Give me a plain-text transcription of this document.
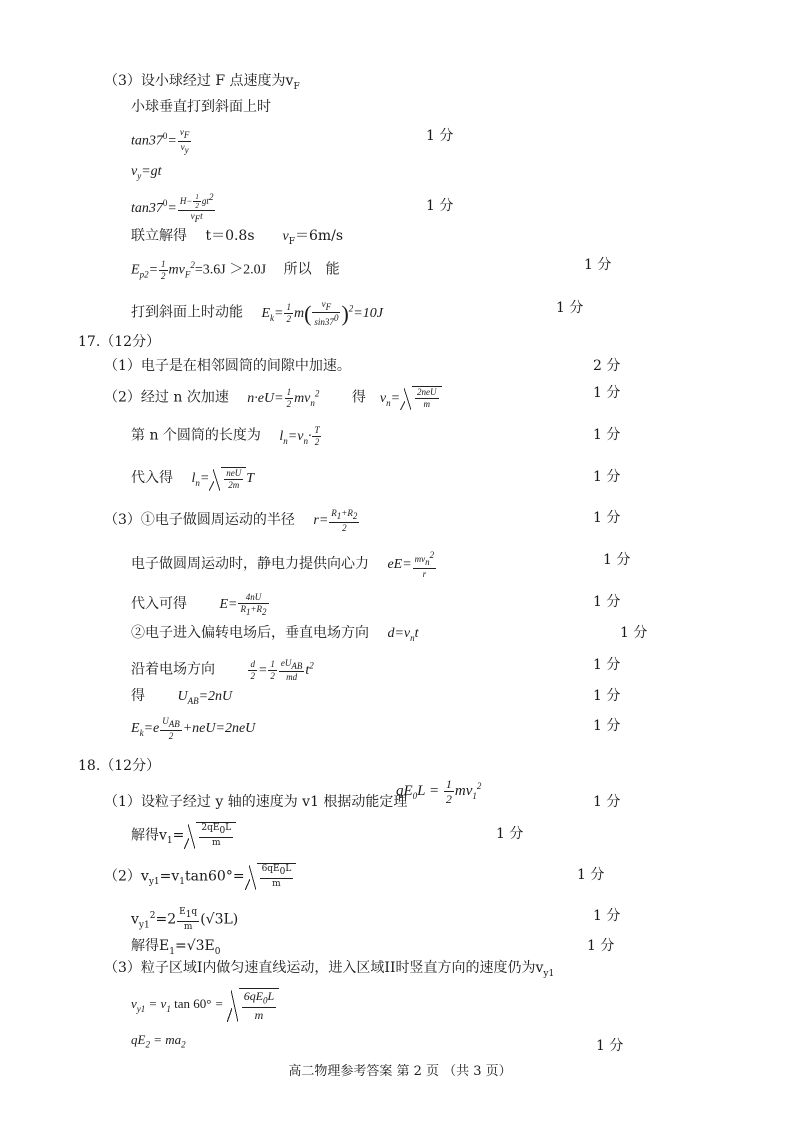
（3）设小球经过 F 点速度为$v_F$
小球垂直打到斜面上时
$\tan 37^0= \frac{v_F}{v_y}$	1 分
$v_y=gt$
$\tan 37^0= \frac{H- \frac{1}{2} gt^2}{v_Ft}$	1 分
联立解得　 t＝0.8s　　 $v_F=6m/s$
$E_{p2}= \frac{1}{2} mv_F^2=3.6J >2.0J$　 所以　能	1 分
打到斜面上时动能　 $E_k= \frac{1}{2} m( \frac{v_F}{\sin 37^0} )^2=10J$	1 分
17.（12分）
（1）电子是在相邻圆筒的间隙中加速。	2 分
（2）经过 n 次加速　 $n\cdot eU= \frac{1}{2} mv_n^2$　　 得　 $v_n= \frac{\text{2neU}}{m}$	1 分
第 n 个圆筒的长度为　 $l_n=v_n\cdot \frac{T}{2}$	1 分
代入得　 $l_n= \frac{\text{neU}}{2m}$ T	1 分
（3）①电子做圆周运动的半径　 $r= \frac{R_1+R_2}{2}$	1 分
电子做圆周运动时，静电力提供向心力　 $eE= \frac{mv_n^2}{r}$	1 分
代入可得　　 $E= \frac{4nU}{R_1+R_2}$	1 分
②电子进入偏转电场后，垂直电场方向　 $d=v_nt$	1 分
沿着电场方向　　	$\frac{d}{2} = \frac{1}{2} \frac{eU_{AB}}{md} t^2$	1 分
得　　 $U_{AB}=2nU$	1 分
$E_k=e \frac{U_{AB}}{2} +neU=2neU$	1 分
18.（12分）
$qE_0L = \frac{1}{2} mv_1^2$
（1）设粒子经过 y 轴的速度为 v1 根据动能定理	1 分
解得$v_1= \frac{2qE_0L}{m}$	1 分
$(2)v_{y1}=v_1\tan 60^\circ= \frac{6qE_0L}{m}$	1 分
$v_{y1}^2=2 \frac{E_1q}{m} (√3L)$	1 分
解得$E_1=√3E_0$	1 分
（3）粒子区域I内做匀速直线运动，进入区域II时竖直方向的速度仍为$v_{y1}$
$v_{y1} = v_1$ $\tan 60^\circ = \frac{6qE_0L}{m}$
$qE_2 = ma_2$	1 分
高二物理参考答案 第 2 页 （共 3 页）
